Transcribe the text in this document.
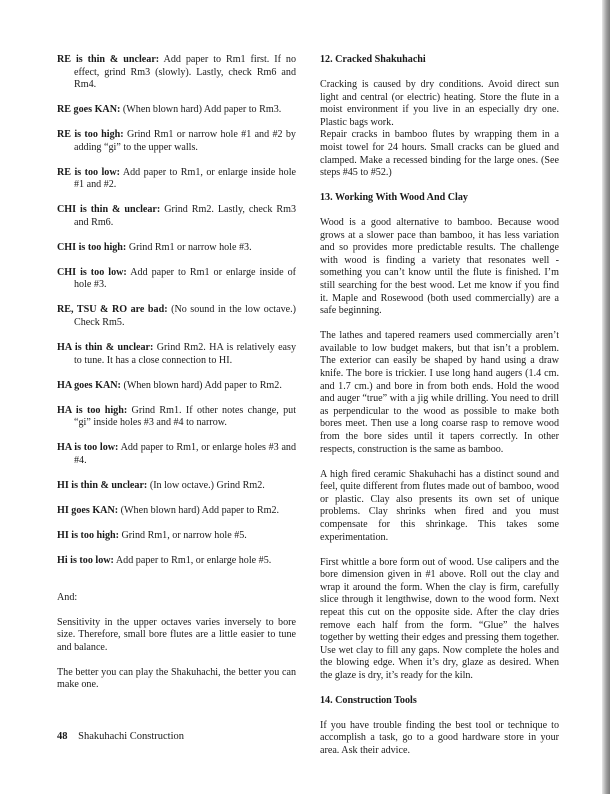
RE is thin & unclear: Add paper to Rm1 first. If no effect, grind Rm3 (slowly). Lastly, check Rm6 and Rm4.

RE goes KAN: (When blown hard) Add paper to Rm3.

RE is too high: Grind Rm1 or narrow hole #1 and #2 by adding “gi” to the upper walls.

RE is too low: Add paper to Rm1, or enlarge inside hole #1 and #2.

CHI is thin & unclear: Grind Rm2. Lastly, check Rm3 and Rm6.

CHI is too high: Grind Rm1 or narrow hole #3.

CHI is too low: Add paper to Rm1 or enlarge inside of hole #3.

RE, TSU & RO are bad: (No sound in the low octave.) Check Rm5.

HA is thin & unclear: Grind Rm2. HA is relatively easy to tune. It has a close connection to HI.

HA goes KAN: (When blown hard) Add paper to Rm2.

HA is too high: Grind Rm1. If other notes change, put “gi” inside holes #3 and #4 to narrow.

HA is too low: Add paper to Rm1, or enlarge holes #3 and #4.

HI is thin & unclear: (In low octave.) Grind Rm2.

HI goes KAN: (When blown hard) Add paper to Rm2.

HI is too high: Grind Rm1, or narrow hole #5.

Hi is too low: Add paper to Rm1, or enlarge hole #5.

And:

Sensitivity in the upper octaves varies inversely to bore size. Therefore, small bore flutes are a little easier to tune and balance.

The better you can play the Shakuhachi, the better you can make one.

12. Cracked Shakuhachi

Cracking is caused by dry conditions. Avoid direct sun light and central (or electric) heating. Store the flute in a moist environment if you live in an especially dry one. Plastic bags work.

Repair cracks in bamboo flutes by wrapping them in a moist towel for 24 hours. Small cracks can be glued and clamped. Make a recessed binding for the large ones. (See steps #45 to #52.)

13. Working With Wood And Clay

Wood is a good alternative to bamboo. Because wood grows at a slower pace than bamboo, it has less variation and so provides more predictable results. The challenge with wood is finding a variety that resonates well - something you can’t know until the flute is finished. I’m still searching for the best wood. Let me know if you find it. Maple and Rosewood (both used commercially) are a safe beginning.

The lathes and tapered reamers used commercially aren’t available to low budget makers, but that isn’t a problem. The exterior can easily be shaped by hand using a draw knife. The bore is trickier. I use long hand augers (1.4 cm. and 1.7 cm.) and bore in from both ends. Hold the wood and auger “true” with a jig while drilling. You need to drill as perpendicular to the wood as possible to make both bores meet. Then use a long coarse rasp to remove wood from the bore sides until it tapers correctly. In other respects, construction is the same as bamboo.

A high fired ceramic Shakuhachi has a distinct sound and feel, quite different from flutes made out of bamboo, wood or plastic. Clay also presents its own set of unique problems. Clay shrinks when fired and you must compensate for this shrinkage. This takes some experimentation.

First whittle a bore form out of wood. Use calipers and the bore dimension given in #1 above. Roll out the clay and wrap it around the form. When the clay is firm, carefully slice through it lengthwise, down to the wood form. Next repeat this cut on the opposite side. After the clay dries remove each half from the form. “Glue” the halves together by wetting their edges and pressing them together. Use wet clay to fill any gaps. Now complete the holes and the blowing edge. When it’s dry, glaze as desired. When the glaze is dry, it’s ready for the kiln.

14. Construction Tools

If you have trouble finding the best tool or technique to accomplish a task, go to a good hardware store in your area. Ask their advice.

48 Shakuhachi Construction
